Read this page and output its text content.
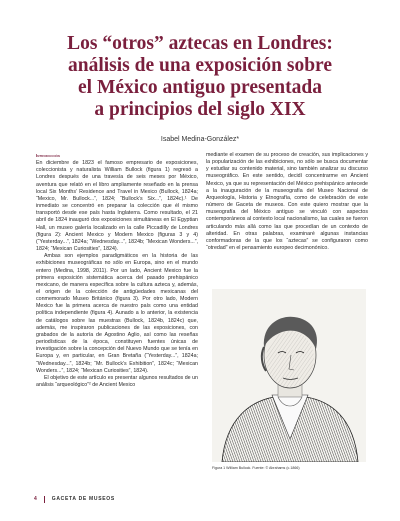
Los “otros” aztecas en Londres:
análisis de una exposición sobre
el México antiguo presentada
a principios del siglo XIX
Isabel Medina-González*
Introducción

En diciembre de 1823 el famoso empresario de exposiciones, coleccionista y naturalista William Bullock (figura 1) regresó a Londres después de una travesía de seis meses por México, aventura que relató en el libro ampliamente reseñado en la prensa local Six Months’ Residence and Travel in Mexico (Bullock, 1824a; “Mexico, Mr. Bullock...”, 1824; “Bullock’s Six...”, 1824c).¹ De inmediato se concentró en preparar la colección que él mismo transportó desde ese país hasta Inglaterra. Como resultado, el 21 abril de 1824 inauguró dos exposiciones simultáneas en El Egyptian Hall, un museo galería localizado en la calle Piccadilly de Londres (figura 2): Ancient Mexico y Modern Mexico (figuras 3 y 4) (“Yesterday...”, 1824a; “Wednesday...”, 1824b; “Mexican Wonders...”, 1824; “Mexican Curiosities”, 1824).

Ambas son ejemplos paradigmáticos en la historia de las exhibiciones museográficas no sólo en Europa, sino en el mundo entero (Medina, 1998, 2011). Por un lado, Ancient Mexico fue la primera exposición sistemática acerca del pasado prehispánico mexicano, de manera específica sobre la cultura azteca y, además, el origen de la colección de antigüedades mexicanas del conmemorado Museo Británico (figura 3). Por otro lado, Modern Mexico fue la primera acerca de nuestro país como una entidad política independiente (figura 4). Aunado a lo anterior, la existencia de catálogos sobre las muestras (Bullock, 1824b, 1824c) que, además, me inspiraron publicaciones de las exposiciones, con grabados de la autoría de Agostino Aglio, así como las reseñas periodísticas de la época, constituyen fuentes únicas de investigación sobre la concepción del Nuevo Mundo que se tenía en Europa y, en particular, en Gran Bretaña (“Yesterday...”, 1824a; “Wednesday...”, 1824b; “Mr. Bullock’s Exhibition”, 1824c; “Mexican Wonders...”, 1824; “Mexican Curiosities”, 1824).

El objetivo de este artículo es presentar algunos resultados de un análisis “arqueológico”² de Ancient Mexico

mediante el examen de su proceso de creación, sus implicaciones y la popularización de las exhibiciones, no sólo se busca documentar y estudiar su contenido material, sino también analizar su discurso museográfico. En este sentido, decidí concentrarme en Ancient Mexico, ya que su representación del México prehispánico antecede a la inauguración de la museografía del Museo Nacional de Arqueología, Historia y Etnografía, como de celebración de este número de Gaceta de museos. Con este quiero mostrar que la museografía del México antiguo se vinculó con aspectos contemporáneos al contexto local nacionalismo, las cuales se fueron articulando más allá como las que procedían de un contexto de alteridad. En otras palabras, examinaré algunas instancias conformadoras de la que los “aztecas” se configuraron como “otredad” en el pensamiento europeo decimonónico.

Figura 1 William Bullock. Fuente: © Abrahams (c.1866)
4	GACETA DE MUSEOS
